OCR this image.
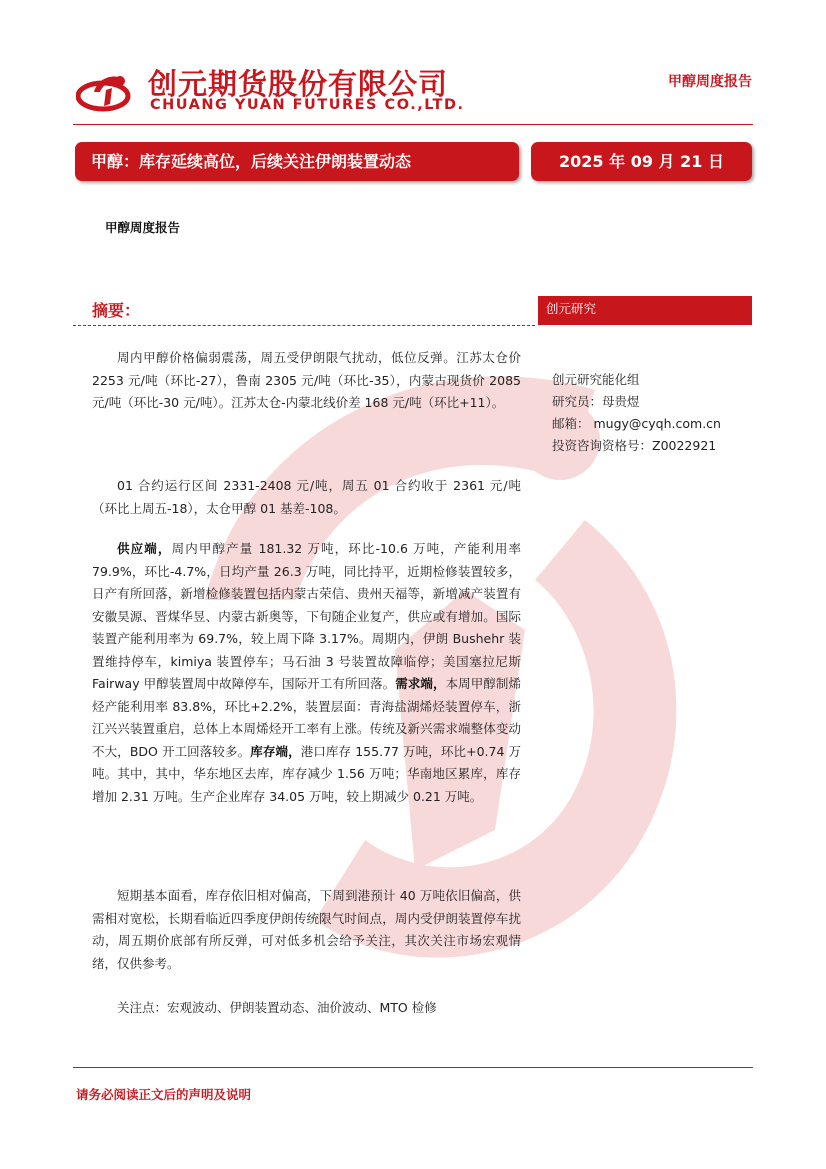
创元期货股份有限公司
CHUANG YUAN FUTURES CO.,LTD.
甲醇周度报告
甲醇：库存延续高位，后续关注伊朗装置动态	2025 年 09 月 21 日
甲醇周度报告
摘要：	创元研究
创元研究能化组
研究员：母贵煜
邮箱： mugy@cyqh.com.cn
投资咨询资格号：Z0022921

周内甲醇价格偏弱震荡，周五受伊朗限气扰动，低位反弹。江苏太仓价 2253 元/吨（环比-27），鲁南 2305 元/吨（环比-35），内蒙古现货价 2085 元/吨（环比-30 元/吨）。江苏太仓-内蒙北线价差 168 元/吨（环比+11）。

01 合约运行区间 2331-2408 元/吨，周五 01 合约收于 2361 元/吨（环比上周五-18），太仓甲醇 01 基差-108。

供应端，周内甲醇产量 181.32 万吨，环比-10.6 万吨，产能利用率 79.9%，环比-4.7%，日均产量 26.3 万吨，同比持平，近期检修装置较多，日产有所回落，新增检修装置包括内蒙古荣信、贵州天福等，新增减产装置有安徽昊源、晋煤华昱、内蒙古新奥等，下旬随企业复产，供应或有增加。国际装置产能利用率为 69.7%，较上周下降 3.17%。周期内，伊朗 Bushehr 装置维持停车，kimiya 装置停车；马石油 3 号装置故障临停；美国塞拉尼斯 Fairway 甲醇装置周中故障停车，国际开工有所回落。需求端，本周甲醇制烯烃产能利用率 83.8%，环比+2.2%，装置层面：青海盐湖烯烃装置停车，浙江兴兴装置重启，总体上本周烯烃开工率有上涨。传统及新兴需求端整体变动不大，BDO 开工回落较多。库存端，港口库存 155.77 万吨，环比+0.74 万吨。其中，其中，华东地区去库，库存减少 1.56 万吨；华南地区累库，库存增加 2.31 万吨。生产企业库存 34.05 万吨，较上期减少 0.21 万吨。

短期基本面看，库存依旧相对偏高，下周到港预计 40 万吨依旧偏高，供需相对宽松，长期看临近四季度伊朗传统限气时间点，周内受伊朗装置停车扰动，周五期价底部有所反弹，可对低多机会给予关注，其次关注市场宏观情绪，仅供参考。

关注点：宏观波动、伊朗装置动态、油价波动、MTO 检修

请务必阅读正文后的声明及说明
